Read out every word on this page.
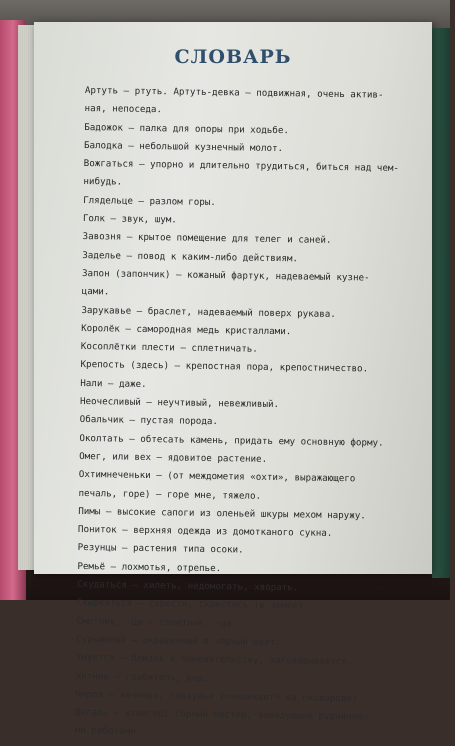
СЛОВАРЬ
Артуть — ртуть. Артуть-девка — подвижная, очень актив-
ная, непоседа.
Бадожок — палка для опоры при ходьбе.
Балодка — небольшой кузнечный молот.
Вожгаться — упорно и длительно трудиться, биться над чем-
нибудь.
Глядельце — разлом горы.
Голк — звук, шум.
Завозня — крытое помещение для телег и саней.
Заделье — повод к каким-либо действиям.
Запон (запончик) — кожаный фартук, надеваемый кузне-
цами.
Зарукавье — браслет, надеваемый поверх рукава.
Королёк — самородная медь кристаллами.
Косоплётки плести — сплетничать.
Крепость (здесь) — крепостная пора, крепостничество.
Нали — даже.
Неочесливый — неучтивый, невежливый.
Обальчик — пустая порода.
Околтать — обтесать камень, придать ему основную форму.
Омег, или вех — ядовитое растение.
Охтимнеченьки — (от междометия «охти», выражающего
печаль, горе) — горе мне, тяжело.
Пимы — высокие сапоги из оленьей шкуры мехом наружу.
Пониток — верхняя одежда из домотканого сукна.
Резунцы — растения типа осоки.
Ремьё — лохмотья, отрепье.
Скудаться — хилеть, недомогать, хворать.
Скыркаться — скрести, скрестись (в земле).
Смотник, -ца — сплетник, -ца.
Сурьмяный — окрашенный в чёрный цвет.
Умуется — близок к помешательству, заговаривается.
Хитник — грабитель, вор.
Чирла — яичница, глазунья («чирикает» на сковороде).
Щегарь — штейгер; горный мастер, заведующий руднично-
ми работами.
